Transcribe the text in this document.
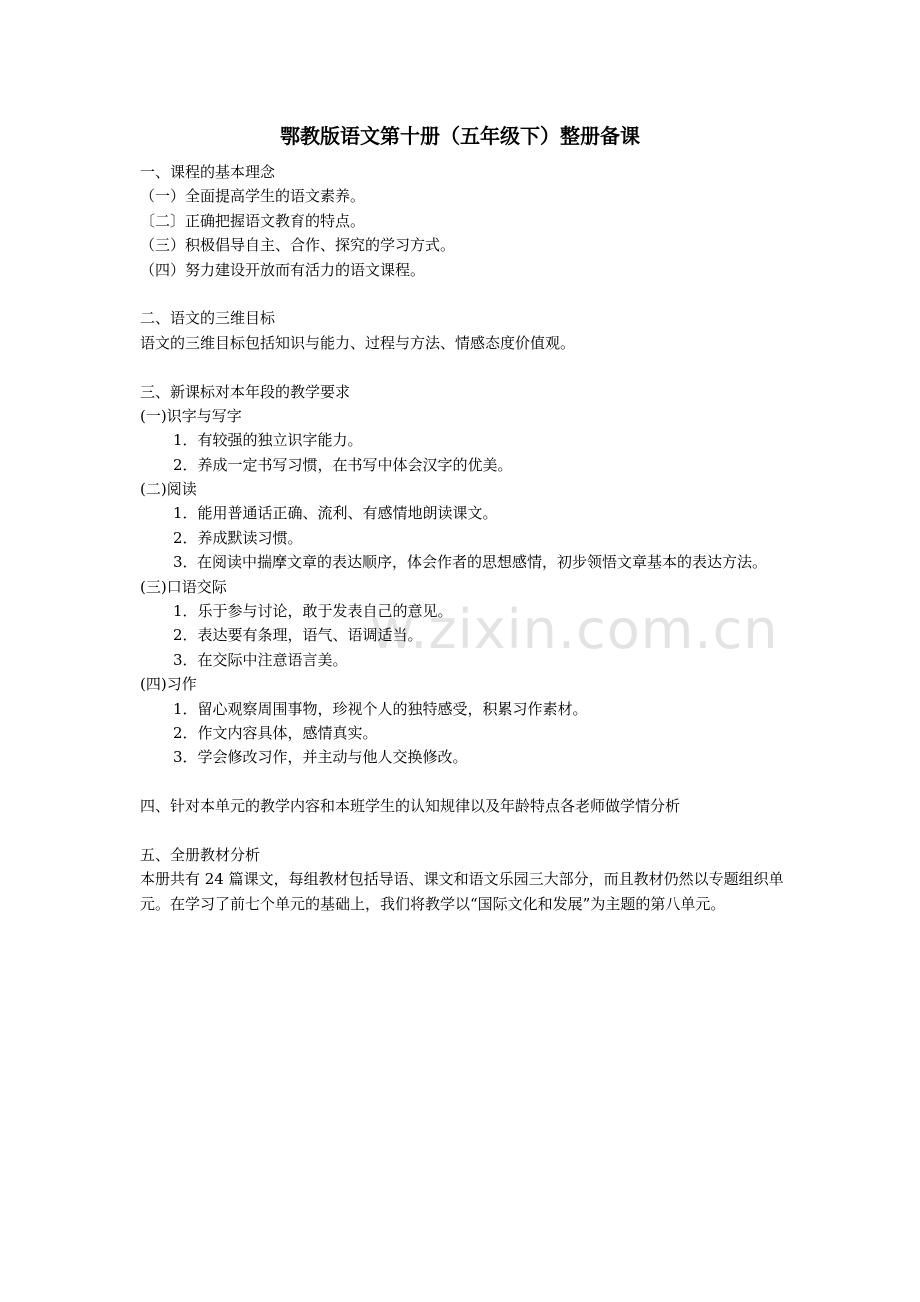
鄂教版语文第十册（五年级下）整册备课
一、课程的基本理念
（一）全面提高学生的语文素养。
〔二〕正确把握语文教育的特点。
（三）积极倡导自主、合作、探究的学习方式。
（四）努力建设开放而有活力的语文课程。
二、语文的三维目标
语文的三维目标包括知识与能力、过程与方法、情感态度价值观。
三、新课标对本年段的教学要求
(一)识字与写字
1．有较强的独立识字能力。
2．养成一定书写习惯，在书写中体会汉字的优美。
(二)阅读
1．能用普通话正确、流利、有感情地朗读课文。
2．养成默读习惯。
3． 在阅读中揣摩文章的表达顺序，体会作者的思想感情，初步领悟文章基本的表达方法。
(三)口语交际
1．乐于参与讨论，敢于发表自己的意见。
2．表达要有条理，语气、语调适当。
3．在交际中注意语言美。
(四)习作
1．留心观察周围事物，珍视个人的独特感受，积累习作素材。
2．作文内容具体，感情真实。
3．学会修改习作，并主动与他人交换修改。
四、针对本单元的教学内容和本班学生的认知规律以及年龄特点各老师做学情分析
五、全册教材分析
本册共有 24 篇课文，每组教材包括导语、课文和语文乐园三大部分，而且教材仍然以专题组织单元。在学习了前七个单元的基础上，我们将教学以“国际文化和发展”为主题的第八单元。
w.zixin.com.cn
